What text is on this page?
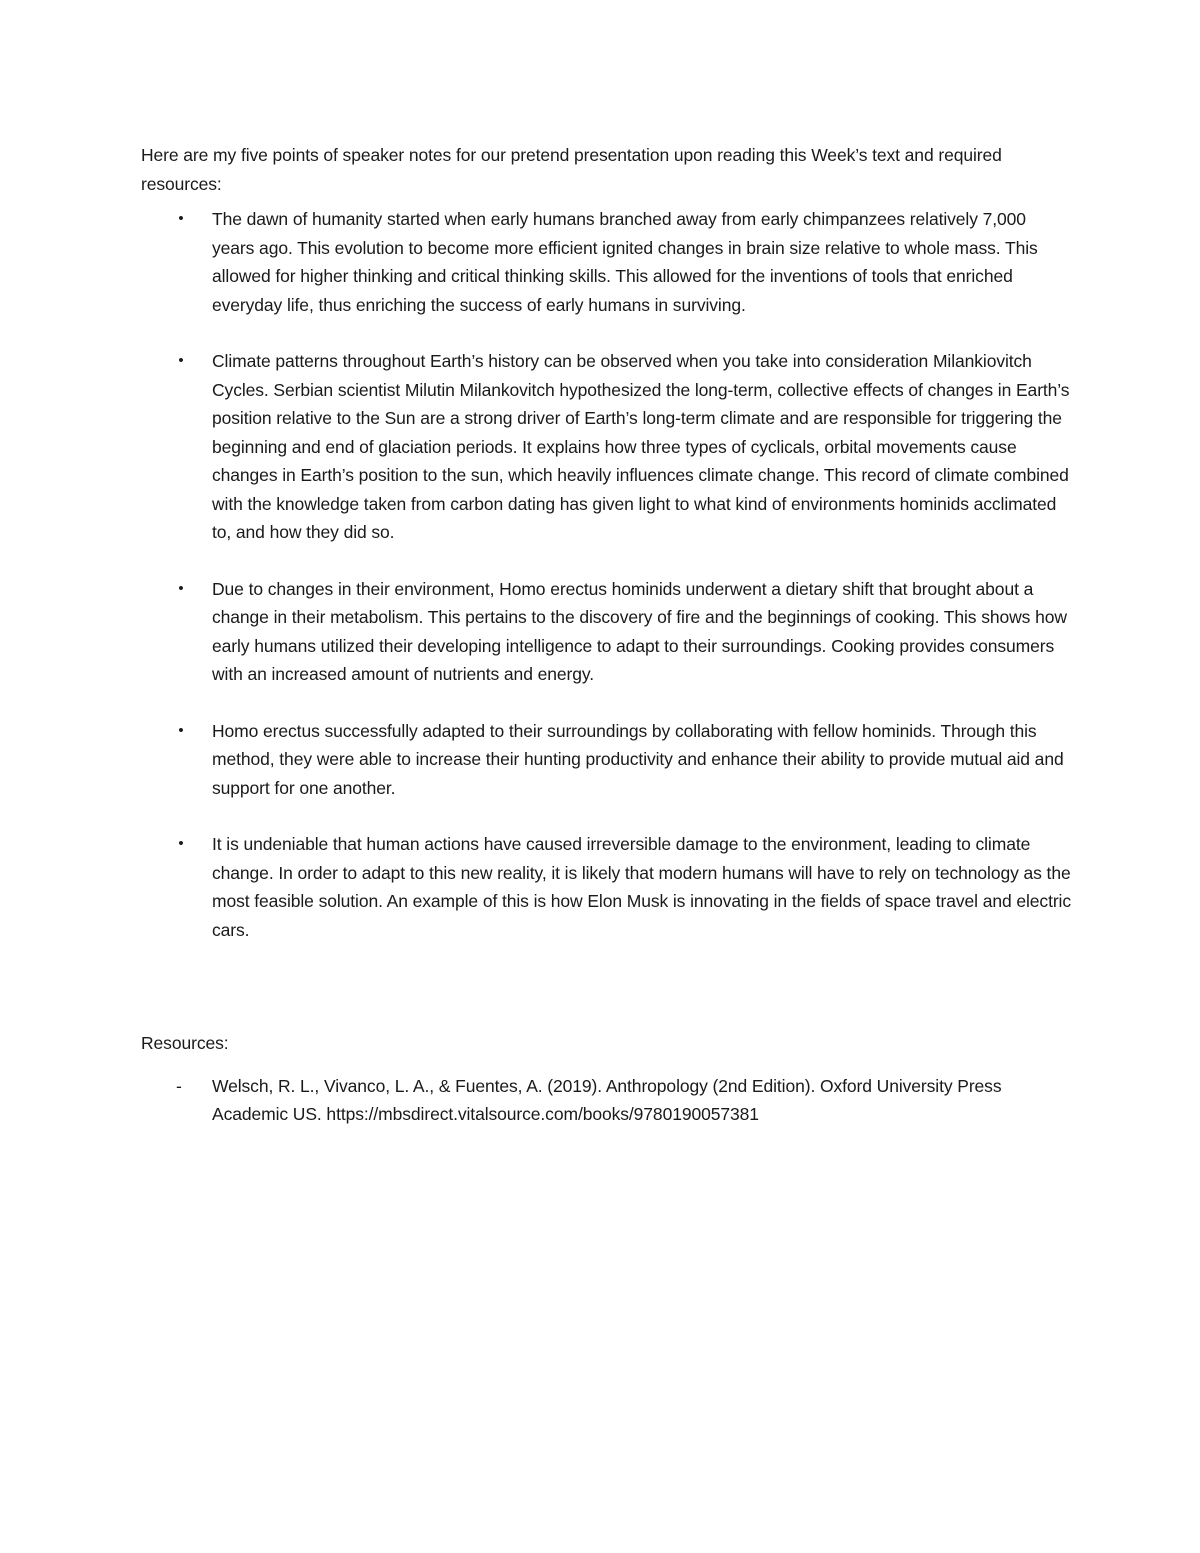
Here are my five points of speaker notes for our pretend presentation upon reading this Week’s text and required resources:

• The dawn of humanity started when early humans branched away from early chimpanzees relatively 7,000 years ago. This evolution to become more efficient ignited changes in brain size relative to whole mass. This allowed for higher thinking and critical thinking skills. This allowed for the inventions of tools that enriched everyday life, thus enriching the success of early humans in surviving.
• Climate patterns throughout Earth’s history can be observed when you take into consideration Milankiovitch Cycles. Serbian scientist Milutin Milankovitch hypothesized the long-term, collective effects of changes in Earth’s position relative to the Sun are a strong driver of Earth’s long-term climate and are responsible for triggering the beginning and end of glaciation periods. It explains how three types of cyclicals, orbital movements cause changes in Earth’s position to the sun, which heavily influences climate change. This record of climate combined with the knowledge taken from carbon dating has given light to what kind of environments hominids acclimated to, and how they did so.
• Due to changes in their environment, Homo erectus hominids underwent a dietary shift that brought about a change in their metabolism. This pertains to the discovery of fire and the beginnings of cooking. This shows how early humans utilized their developing intelligence to adapt to their surroundings. Cooking provides consumers with an increased amount of nutrients and energy.
• Homo erectus successfully adapted to their surroundings by collaborating with fellow hominids. Through this method, they were able to increase their hunting productivity and enhance their ability to provide mutual aid and support for one another.
• It is undeniable that human actions have caused irreversible damage to the environment, leading to climate change. In order to adapt to this new reality, it is likely that modern humans will have to rely on technology as the most feasible solution. An example of this is how Elon Musk is innovating in the fields of space travel and electric cars.

Resources:

- Welsch, R. L., Vivanco, L. A., & Fuentes, A. (2019). Anthropology (2nd Edition). Oxford University Press Academic US. https://mbsdirect.vitalsource.com/books/9780190057381
